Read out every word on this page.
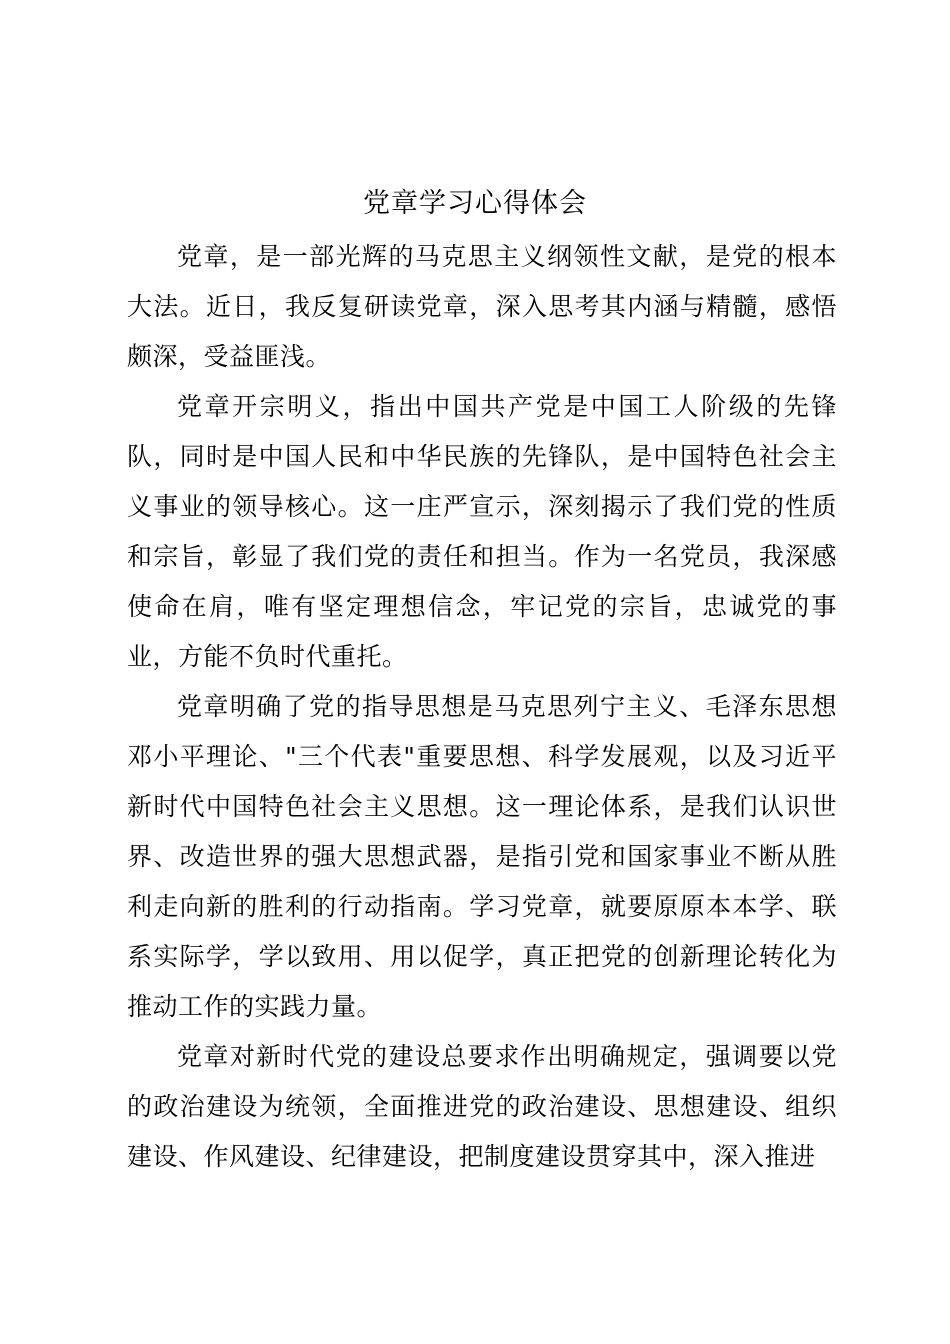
党章学习心得体会

党章，是一部光辉的马克思主义纲领性文献，是党的根本大法。近日，我反复研读党章，深入思考其内涵与精髓，感悟颇深，受益匪浅。

党章开宗明义，指出中国共产党是中国工人阶级的先锋队，同时是中国人民和中华民族的先锋队，是中国特色社会主义事业的领导核心。这一庄严宣示，深刻揭示了我们党的性质和宗旨，彰显了我们党的责任和担当。作为一名党员，我深感使命在肩，唯有坚定理想信念，牢记党的宗旨，忠诚党的事业，方能不负时代重托。

党章明确了党的指导思想是马克思列宁主义、毛泽东思想邓小平理论、"三个代表"重要思想、科学发展观，以及习近平新时代中国特色社会主义思想。这一理论体系，是我们认识世界、改造世界的强大思想武器，是指引党和国家事业不断从胜利走向新的胜利的行动指南。学习党章，就要原原本本学、联系实际学，学以致用、用以促学，真正把党的创新理论转化为推动工作的实践力量。

党章对新时代党的建设总要求作出明确规定，强调要以党的政治建设为统领，全面推进党的政治建设、思想建设、组织建设、作风建设、纪律建设，把制度建设贯穿其中，深入推进
